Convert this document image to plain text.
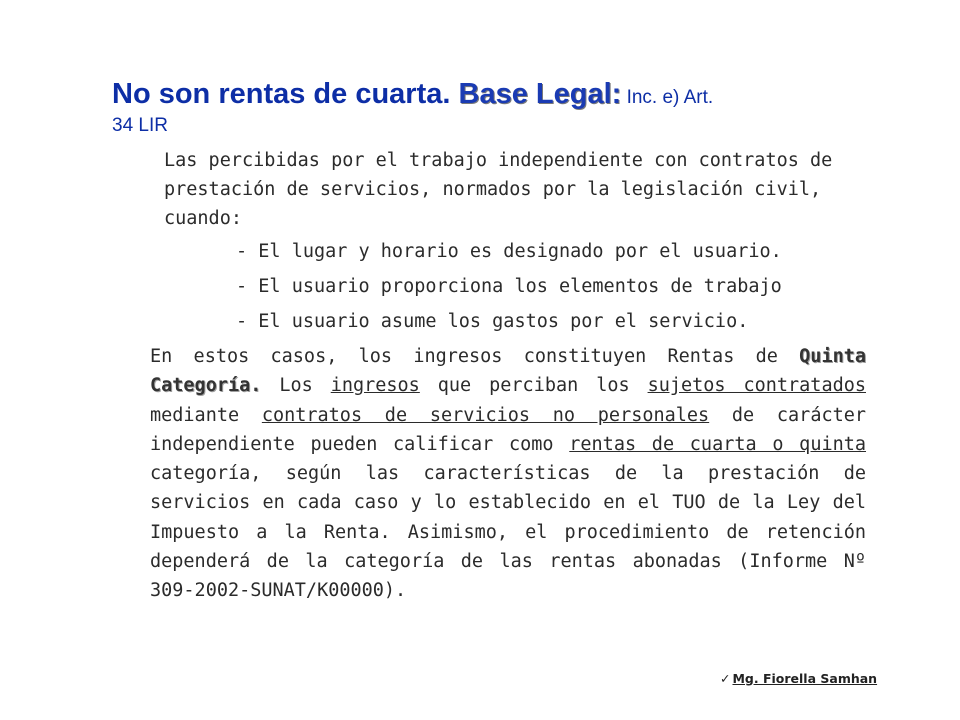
No son rentas de cuarta. Base Legal: Inc. e) Art.
34 LIR
Las percibidas por el trabajo independiente con contratos de prestación de servicios, normados por la legislación civil, cuando:
- El lugar y horario es designado por el usuario.
- El usuario proporciona los elementos de trabajo
- El usuario asume los gastos por el servicio.
En estos casos, los ingresos constituyen Rentas de Quinta Categoría. Los ingresos que perciban los sujetos contratados mediante contratos de servicios no personales de carácter independiente pueden calificar como rentas de cuarta o quinta categoría, según las características de la prestación de servicios en cada caso y lo establecido en el TUO de la Ley del Impuesto a la Renta. Asimismo, el procedimiento de retención dependerá de la categoría de las rentas abonadas (Informe Nº 309-2002-SUNAT/K00000).
✓ Mg. Fiorella Samhan
